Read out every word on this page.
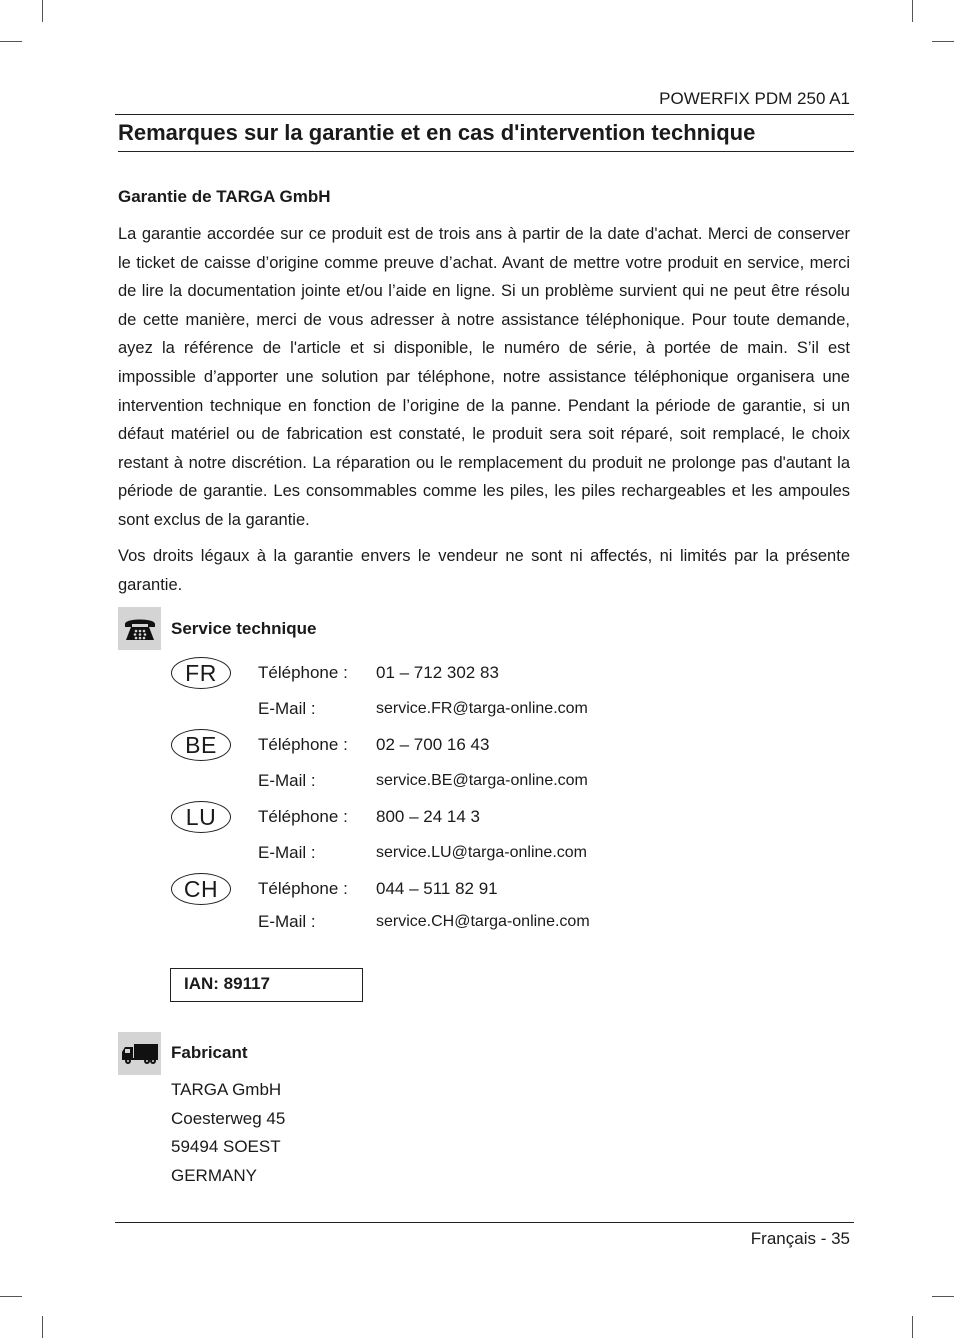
POWERFIX PDM 250 A1
Remarques sur la garantie et en cas d'intervention technique
Garantie de TARGA GmbH

La garantie accordée sur ce produit est de trois ans à partir de la date d'achat. Merci de conserver le ticket de caisse d’origine comme preuve d’achat. Avant de mettre votre produit en service, merci de lire la documentation jointe et/ou l’aide en ligne. Si un problème survient qui ne peut être résolu de cette manière, merci de vous adresser à notre assistance téléphonique. Pour toute demande, ayez la référence de l'article et si disponible, le numéro de série, à portée de main. S’il est impossible d’apporter une solution par téléphone, notre assistance téléphonique organisera une intervention technique en fonction de l’origine de la panne. Pendant la période de garantie, si un défaut matériel ou de fabrication est constaté, le produit sera soit réparé, soit remplacé, le choix restant à notre discrétion. La réparation ou le remplacement du produit ne prolonge pas d'autant la période de garantie. Les consommables comme les piles, les piles rechargeables et les ampoules sont exclus de la garantie.

Vos droits légaux à la garantie envers le vendeur ne sont ni affectés, ni limités par la présente garantie.

Service technique
FR	Téléphone : 01 – 712 302 83
E-Mail :	service.FR@targa-online.com
BE	Téléphone : 02 – 700 16 43
E-Mail :	service.BE@targa-online.com
LU	Téléphone : 800 – 24 14 3
E-Mail :	service.LU@targa-online.com
CH	Téléphone : 044 – 511 82 91
E-Mail :	service.CH@targa-online.com
IAN: 89117
Fabricant
TARGA GmbH
Coesterweg 45
59494 SOEST
GERMANY
Français - 35
